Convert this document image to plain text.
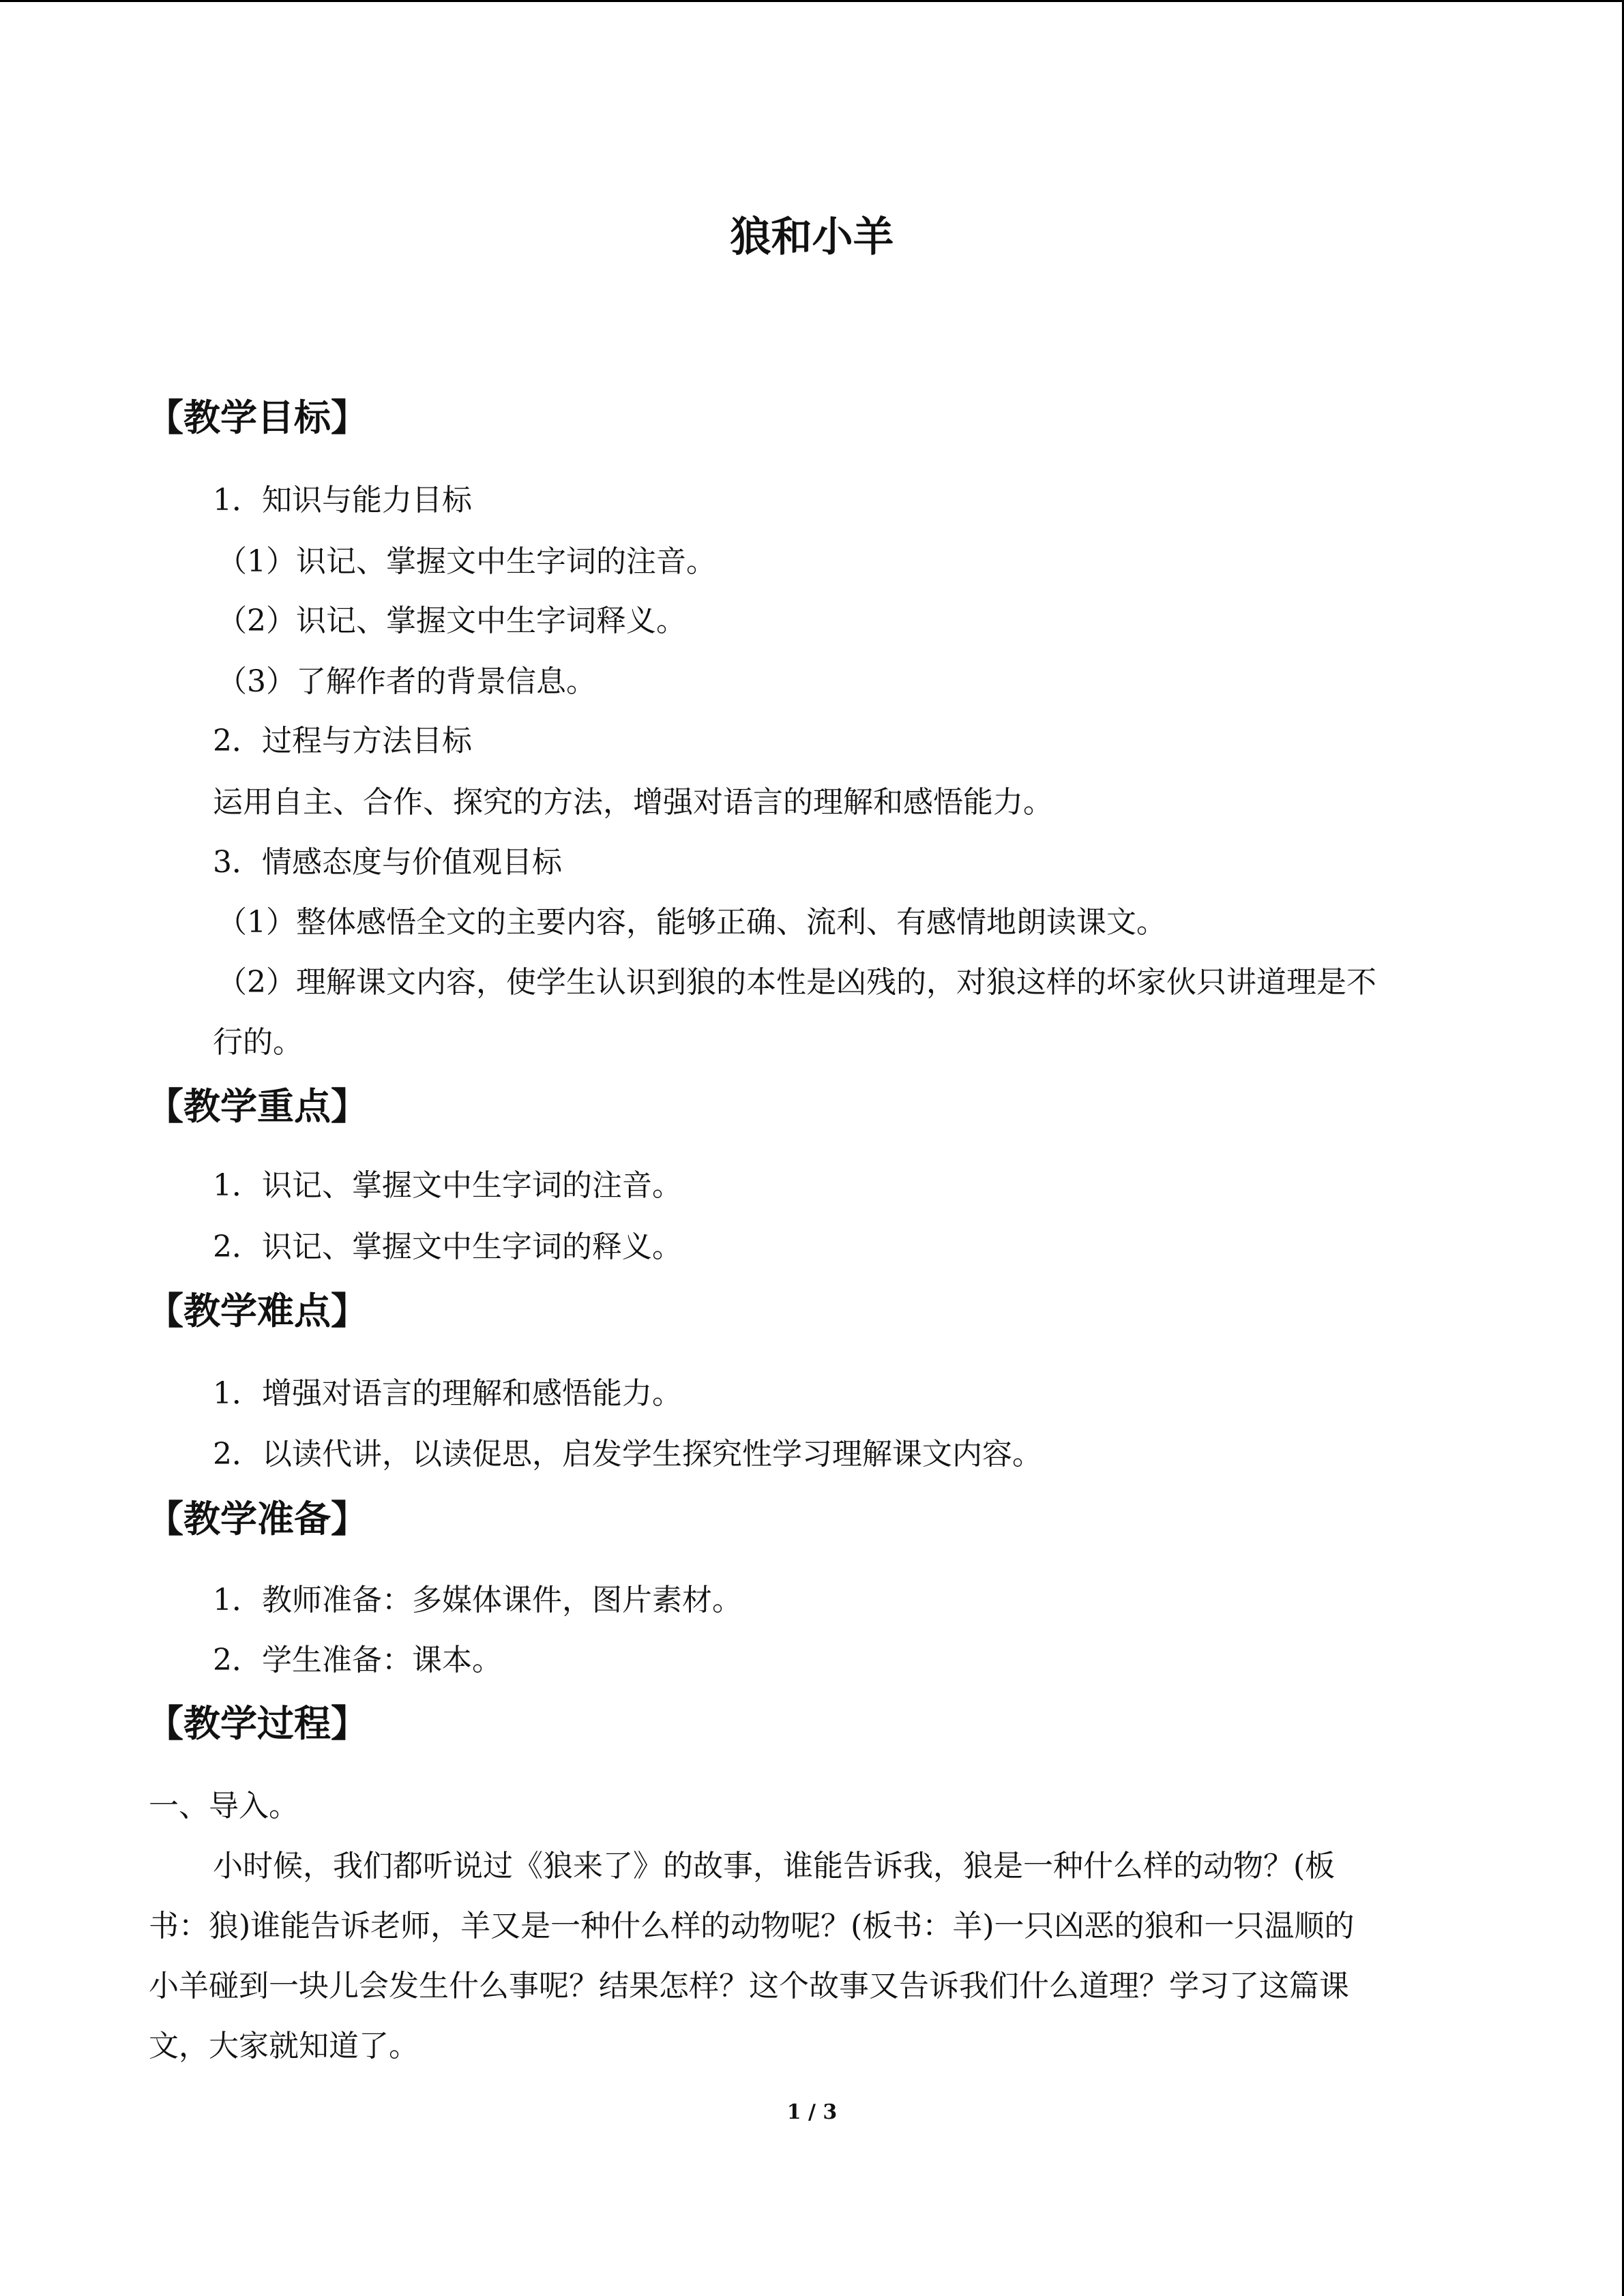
狼和小羊
【教学目标】
1．知识与能力目标
（1）识记、掌握文中生字词的注音。
（2）识记、掌握文中生字词释义。
（3）了解作者的背景信息。
2．过程与方法目标
运用自主、合作、探究的方法，增强对语言的理解和感悟能力。
3．情感态度与价值观目标
（1）整体感悟全文的主要内容，能够正确、流利、有感情地朗读课文。
（2）理解课文内容，使学生认识到狼的本性是凶残的，对狼这样的坏家伙只讲道理是不
行的。
【教学重点】
1．识记、掌握文中生字词的注音。
2．识记、掌握文中生字词的释义。
【教学难点】
1．增强对语言的理解和感悟能力。
2．以读代讲，以读促思，启发学生探究性学习理解课文内容。
【教学准备】
1．教师准备：多媒体课件，图片素材。
2．学生准备：课本。
【教学过程】
一、导入。
小时候，我们都听说过《狼来了》的故事，谁能告诉我，狼是一种什么样的动物？(板
书：狼)谁能告诉老师，羊又是一种什么样的动物呢？(板书：羊)一只凶恶的狼和一只温顺的
小羊碰到一块儿会发生什么事呢？结果怎样？这个故事又告诉我们什么道理？学习了这篇课
文，大家就知道了。
1 / 3
